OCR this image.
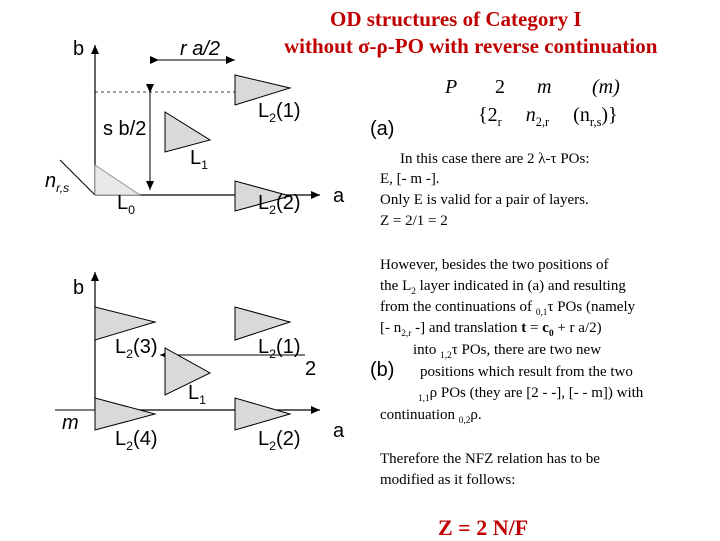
OD structures of Category I
without σ-ρ-PO with reverse continuation
b
a
r a/2
s b/2
$n_{r,s}$
$L_0$
$L_1$
$L_2(1)$
$L_2(2)$
(a)
P 2 m (m)
{$2_r$ $n_{2,r}$ $(n_{r,s})$}
In this case there are 2 λ-τ POs:
E, [- m -].
Only E is valid for a pair of layers.
Z = 2/1 = 2
b
a
m
2
$L_1$
$L_2(3)$	$L_2(1)$
$L_2(4)$	$L_2(2)$
(b)
However, besides the two positions of
the $L_2$ layer indicated in (a) and resulting
from the continuations of $_{0,1}$τ POs (namely
[- $n_{2,r}$ -] and translation $t = c_0 + r$ a/2)
into $_{1,2}$τ POs, there are two new
positions which result from the two
$_{1,1}$ρ POs (they are [2 - -], [- - m]) with
continuation $_{0,2}$ρ.
Therefore the NFZ relation has to be
modified as it follows:
Z = 2 N/F
